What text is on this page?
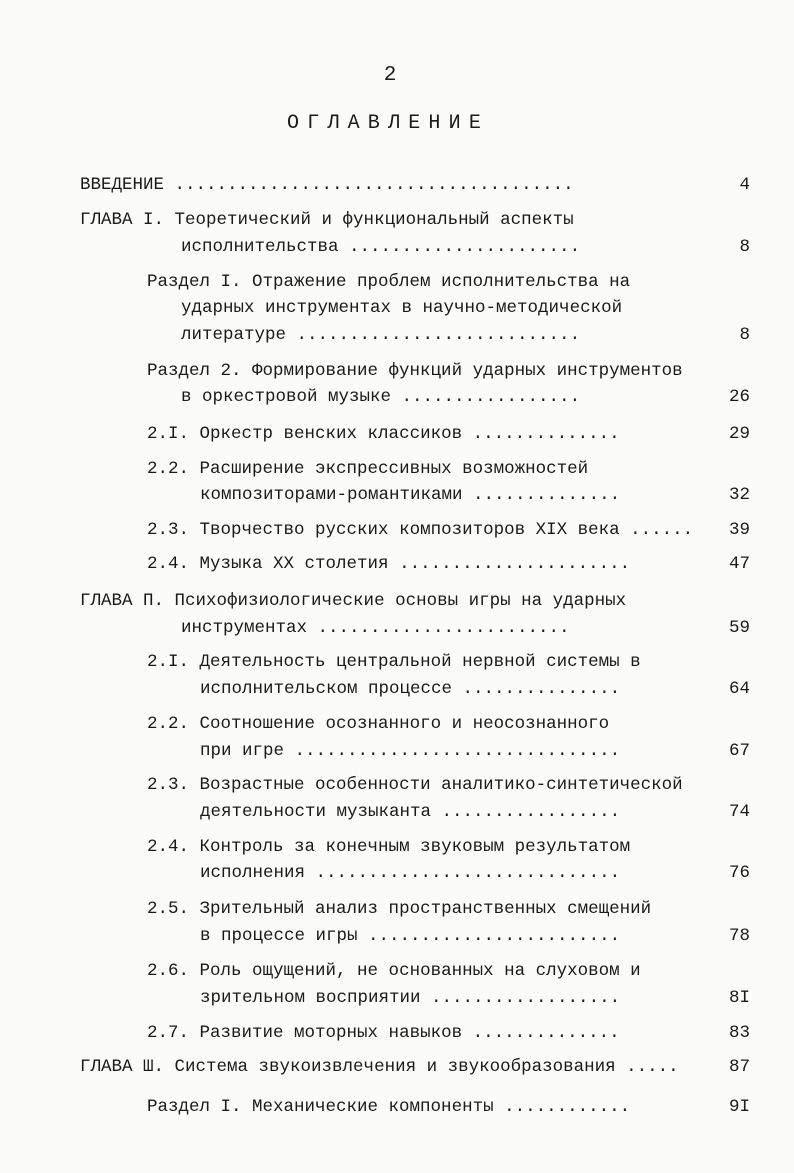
2
ОГЛАВЛЕНИЕ
ВВЕДЕНИЕ ......................................	4
ГЛАВА I. Теоретический и функциональный аспекты
исполнительства ......................	8
Раздел I. Отражение проблем исполнительства на
ударных инструментах в научно-методической
литературе ...........................	8
Раздел 2. Формирование функций ударных инструментов
в оркестровой музыке .................	26
2.I. Оркестр венских классиков ..............	29
2.2. Расширение экспрессивных возможностей
композиторами-романтиками ..............	32
2.3. Творчество русских композиторов XIX века ...... 39
2.4. Музыка XX столетия ......................	47
ГЛАВА П. Психофизиологические основы игры на ударных
инструментах ........................	59
2.I. Деятельность центральной нервной системы в
исполнительском процессе ...............	64
2.2. Соотношение осознанного и неосознанного
при игре ...............................	67
2.3. Возрастные особенности аналитико-синтетической
деятельности музыканта .................	74
2.4. Контроль за конечным звуковым результатом
исполнения .............................	76
2.5. Зрительный анализ пространственных смещений
в процессе игры ........................	78
2.6. Роль ощущений, не основанных на слуховом и
зрительном восприятии ..................	8I
2.7. Развитие моторных навыков ..............	83
ГЛАВА Ш. Система звукоизвлечения и звукообразования .....	87
Раздел I. Механические компоненты ............	9I
